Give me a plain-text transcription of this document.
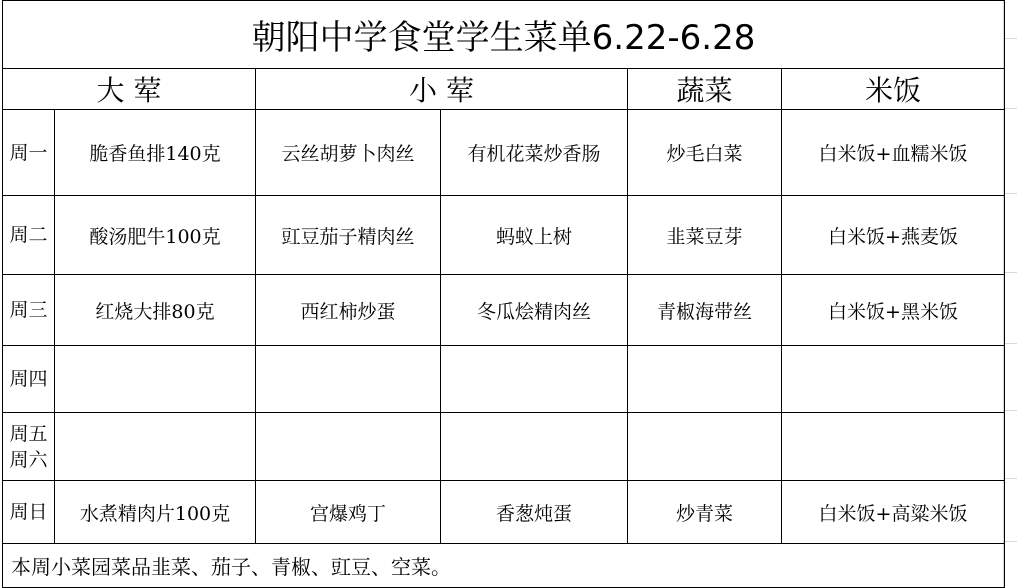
朝阳中学食堂学生菜单6.22-6.28					
大 荤		小 荤		蔬菜	米饭

周一	脆香鱼排140克	云丝胡萝卜肉丝	有机花菜炒香肠	炒毛白菜	白米饭+血糯米饭

周二	酸汤肥牛100克	豇豆茄子精肉丝	蚂蚁上树	韭菜豆芽	白米饭+燕麦饭

周三	红烧大排80克	西红柿炒蛋	冬瓜烩精肉丝	青椒海带丝	白米饭+黑米饭

周四					

周五
周六					

周日	水煮精肉片100克	宫爆鸡丁	香葱炖蛋	炒青菜	白米饭+高粱米饭
本周小菜园菜品韭菜、茄子、青椒、豇豆、空菜。					
